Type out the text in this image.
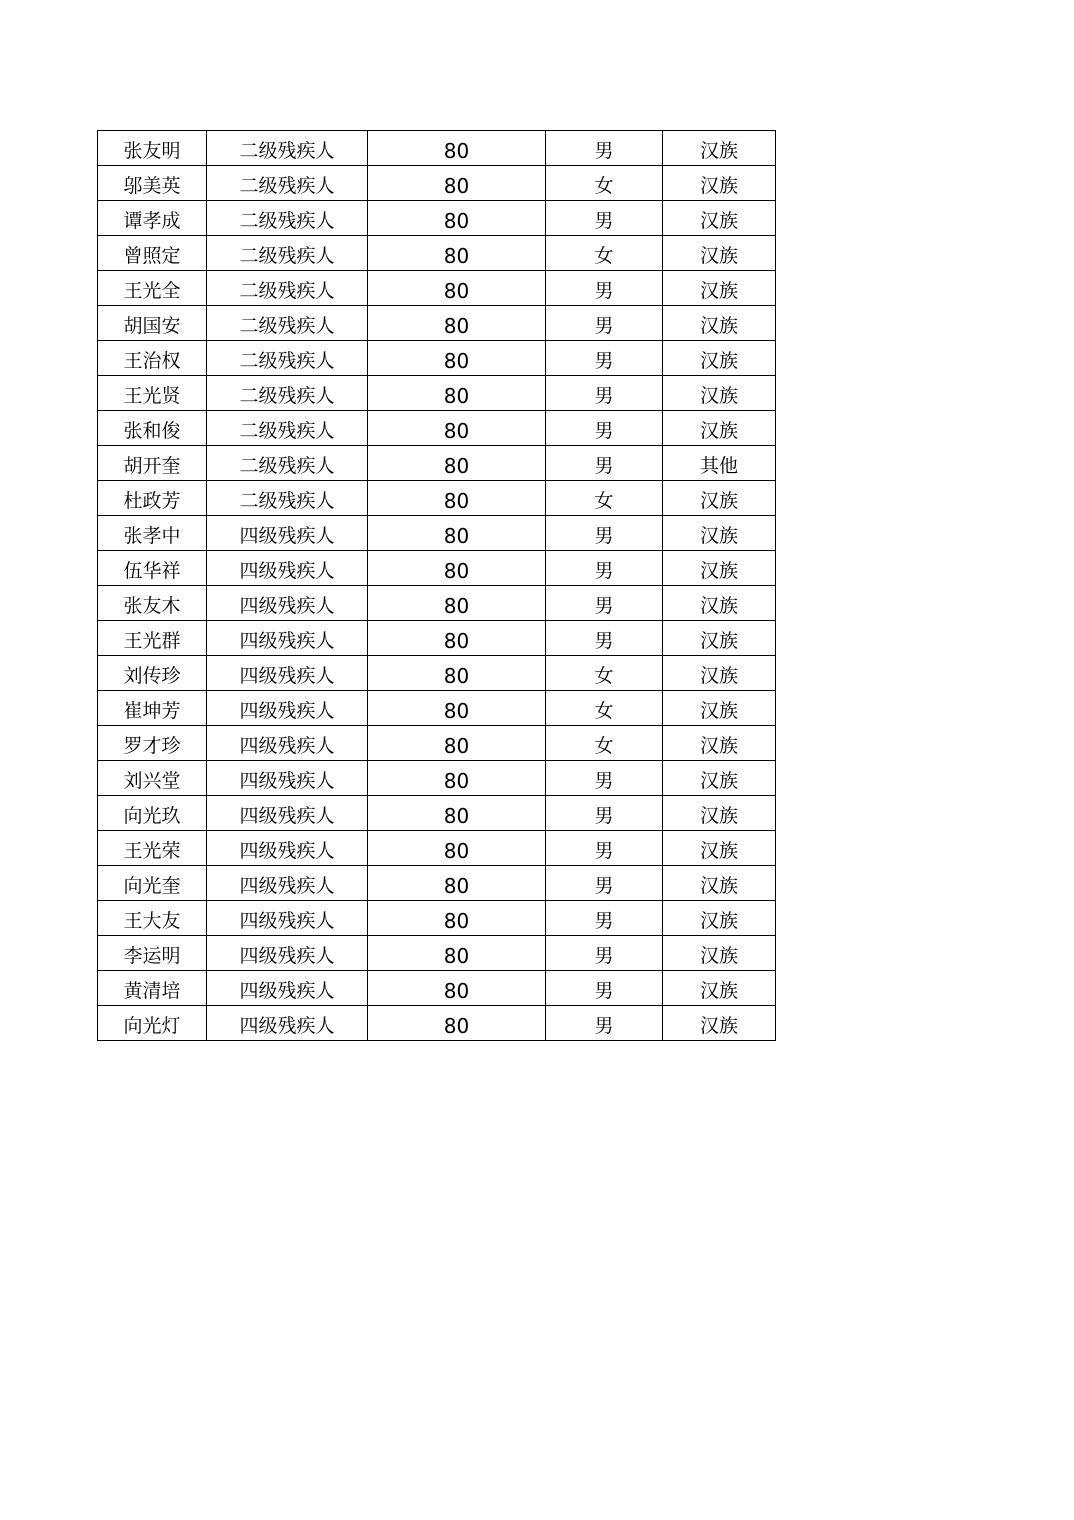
张友明	二级残疾人	80	男	汉族
邬美英	二级残疾人	80	女	汉族
谭孝成	二级残疾人	80	男	汉族
曾照定	二级残疾人	80	女	汉族
王光全	二级残疾人	80	男	汉族
胡国安	二级残疾人	80	男	汉族
王治权	二级残疾人	80	男	汉族
王光贤	二级残疾人	80	男	汉族
张和俊	二级残疾人	80	男	汉族
胡开奎	二级残疾人	80	男	其他
杜政芳	二级残疾人	80	女	汉族
张孝中	四级残疾人	80	男	汉族
伍华祥	四级残疾人	80	男	汉族
张友木	四级残疾人	80	男	汉族
王光群	四级残疾人	80	男	汉族
刘传珍	四级残疾人	80	女	汉族
崔坤芳	四级残疾人	80	女	汉族
罗才珍	四级残疾人	80	女	汉族
刘兴堂	四级残疾人	80	男	汉族
向光玖	四级残疾人	80	男	汉族
王光荣	四级残疾人	80	男	汉族
向光奎	四级残疾人	80	男	汉族
王大友	四级残疾人	80	男	汉族
李运明	四级残疾人	80	男	汉族
黄清培	四级残疾人	80	男	汉族
向光灯	四级残疾人	80	男	汉族
